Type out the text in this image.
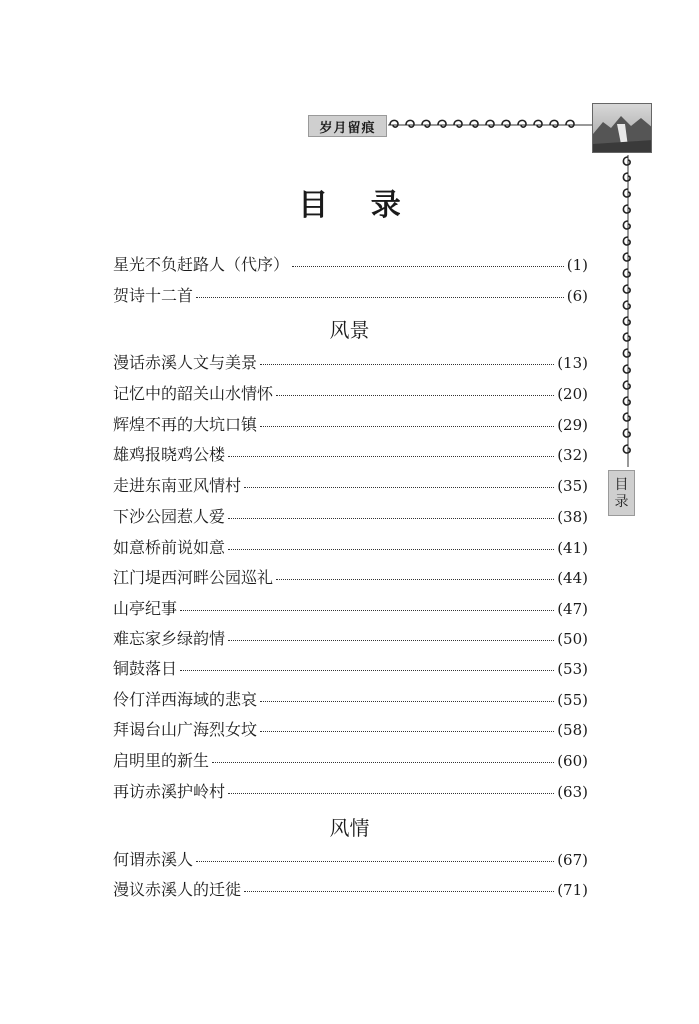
岁月留痕
目录
目 录
星光不负赶路人（代序）	(1)
贺诗十二首	(6)
风景
漫话赤溪人文与美景	(13)
记忆中的韶关山水情怀	(20)
辉煌不再的大坑口镇	(29)
雄鸡报晓鸡公楼	(32)
走进东南亚风情村	(35)
下沙公园惹人爱	(38)
如意桥前说如意	(41)
江门堤西河畔公园巡礼	(44)
山亭纪事	(47)
难忘家乡绿韵情	(50)
铜鼓落日	(53)
伶仃洋西海域的悲哀	(55)
拜谒台山广海烈女坟	(58)
启明里的新生	(60)
再访赤溪护岭村	(63)
风情
何谓赤溪人	(67)
漫议赤溪人的迁徙	(71)
